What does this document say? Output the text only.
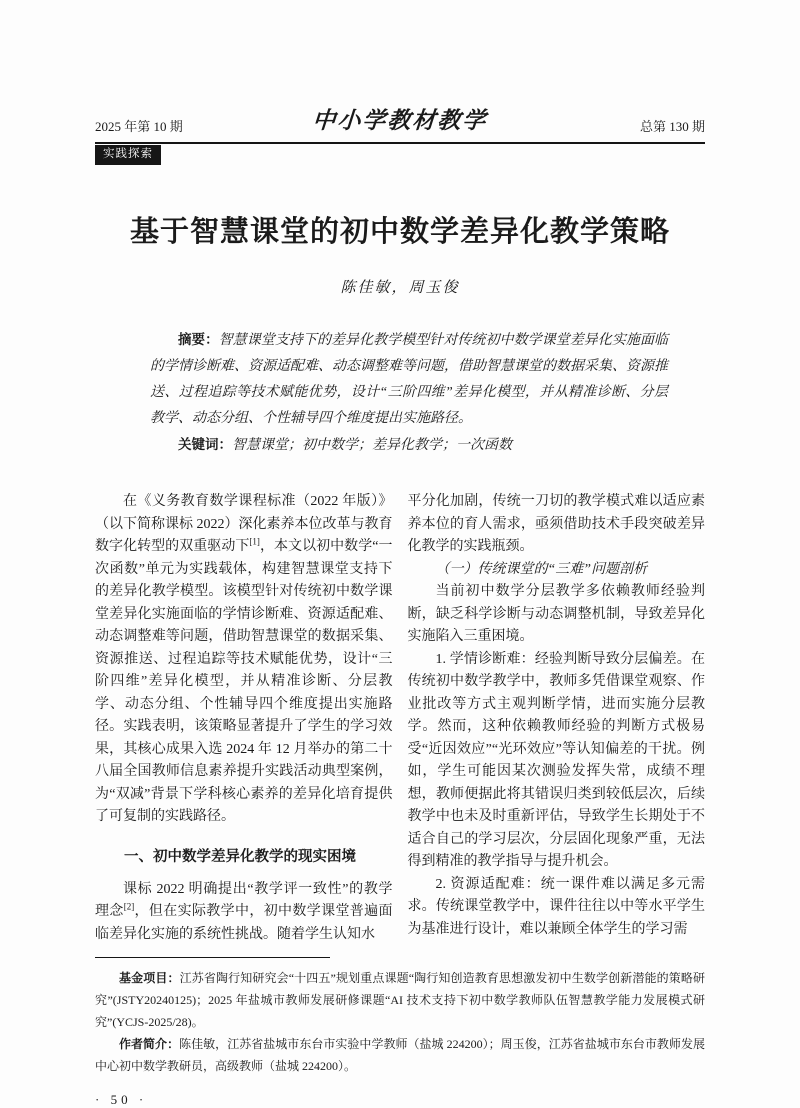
2025 年第 10 期	中小学教材教学	总第 130 期
实践探索
基于智慧课堂的初中数学差异化教学策略
陈佳敏，周玉俊

摘要：智慧课堂支持下的差异化教学模型针对传统初中数学课堂差异化实施面临的学情诊断难、资源适配难、动态调整难等问题，借助智慧课堂的数据采集、资源推送、过程追踪等技术赋能优势，设计“三阶四维”差异化模型，并从精准诊断、分层教学、动态分组、个性辅导四个维度提出实施路径。

关键词：智慧课堂；初中数学；差异化教学；一次函数

在《义务教育数学课程标准（2022 年版）》（以下简称课标 2022）深化素养本位改革与教育数字化转型的双重驱动下[1]，本文以初中数学“一次函数”单元为实践载体，构建智慧课堂支持下的差异化教学模型。该模型针对传统初中数学课堂差异化实施面临的学情诊断难、资源适配难、动态调整难等问题，借助智慧课堂的数据采集、资源推送、过程追踪等技术赋能优势，设计“三阶四维”差异化模型，并从精准诊断、分层教学、动态分组、个性辅导四个维度提出实施路径。实践表明，该策略显著提升了学生的学习效果，其核心成果入选 2024 年 12 月举办的第二十八届全国教师信息素养提升实践活动典型案例，为“双减”背景下学科核心素养的差异化培育提供了可复制的实践路径。

一、初中数学差异化教学的现实困境

课标 2022 明确提出“教学评一致性”的教学理念[2]，但在实际教学中，初中数学课堂普遍面临差异化实施的系统性挑战。随着学生认知水

平分化加剧，传统一刀切的教学模式难以适应素养本位的育人需求，亟须借助技术手段突破差异化教学的实践瓶颈。

（一）传统课堂的“三难”问题剖析

当前初中数学分层教学多依赖教师经验判断，缺乏科学诊断与动态调整机制，导致差异化实施陷入三重困境。

1. 学情诊断难：经验判断导致分层偏差。在传统初中数学教学中，教师多凭借课堂观察、作业批改等方式主观判断学情，进而实施分层教学。然而，这种依赖教师经验的判断方式极易受“近因效应”“光环效应”等认知偏差的干扰。例如，学生可能因某次测验发挥失常，成绩不理想，教师便据此将其错误归类到较低层次，后续教学中也未及时重新评估，导致学生长期处于不适合自己的学习层次，分层固化现象严重，无法得到精准的教学指导与提升机会。

2. 资源适配难：统一课件难以满足多元需求。传统课堂教学中，课件往往以中等水平学生为基准进行设计，难以兼顾全体学生的学习需

基金项目：江苏省陶行知研究会“十四五”规划重点课题“陶行知创造教育思想激发初中生数学创新潜能的策略研究”(JSTY20240125)；2025 年盐城市教师发展研修课题“AI 技术支持下初中数学教师队伍智慧教学能力发展模式研究”(YCJS-2025/28)。

作者简介：陈佳敏，江苏省盐城市东台市实验中学教师（盐城 224200）；周玉俊，江苏省盐城市东台市教师发展中心初中数学教研员，高级教师（盐城 224200）。

· 50 ·
